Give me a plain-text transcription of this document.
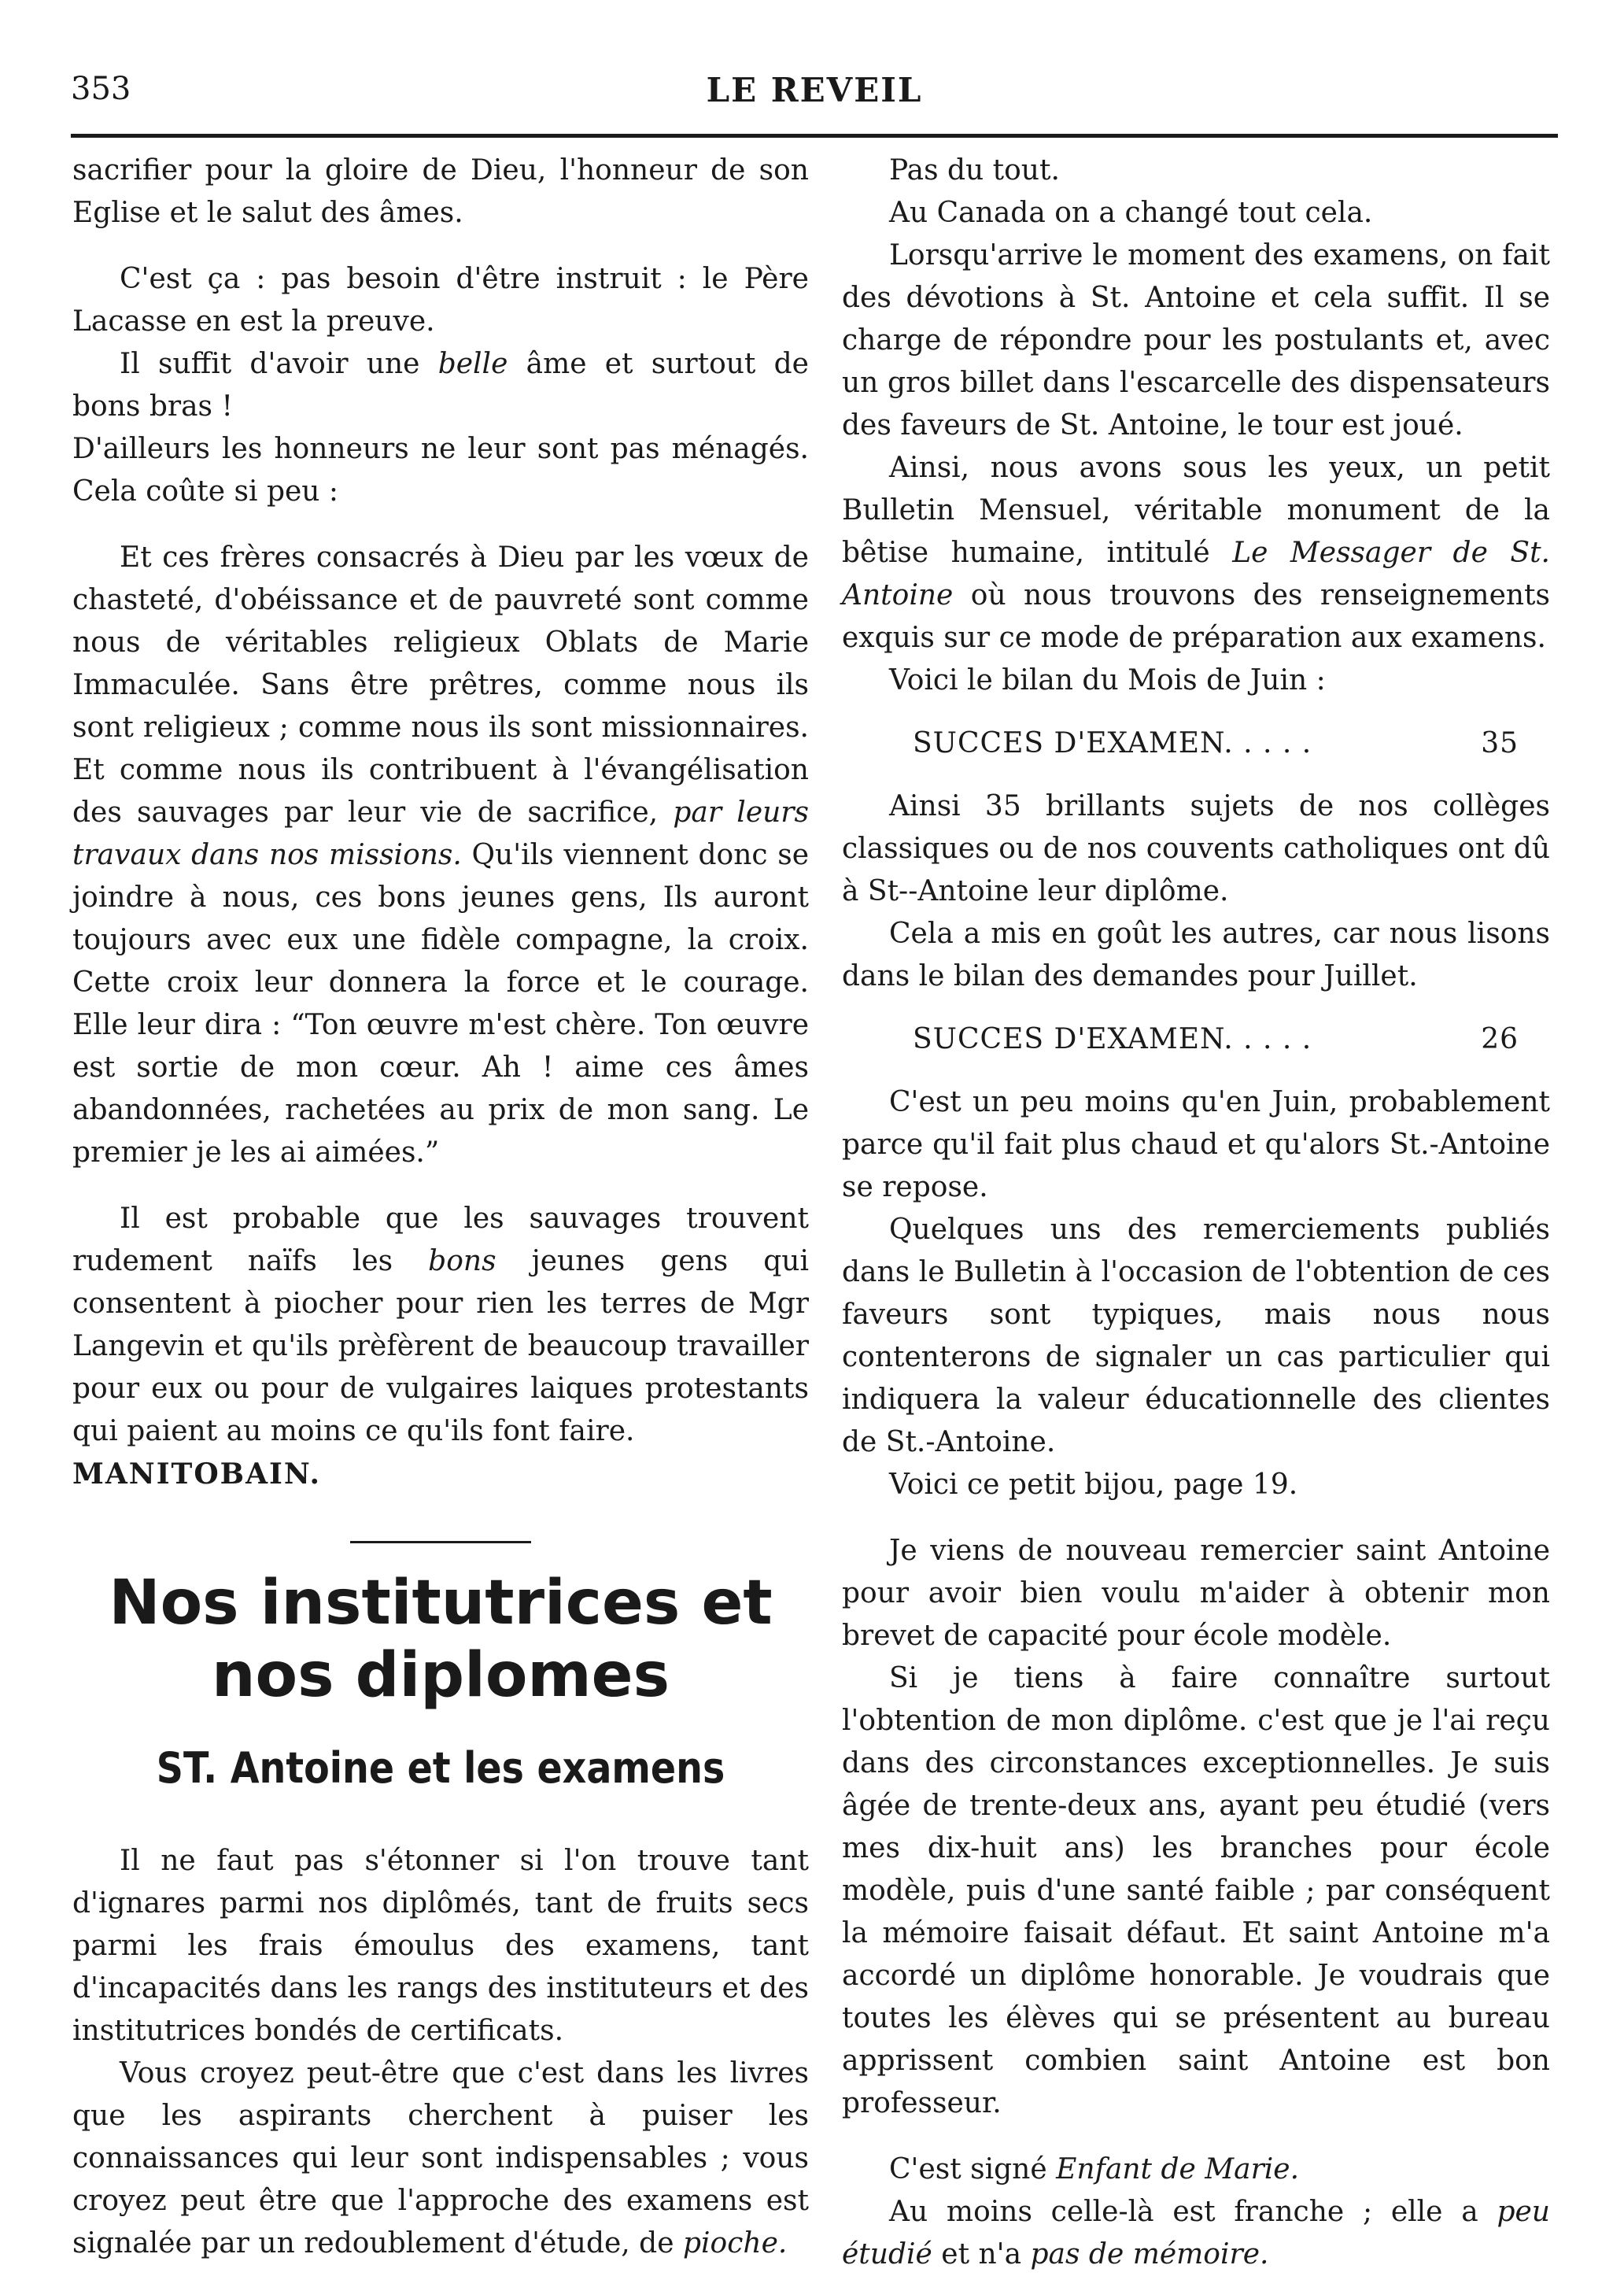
353	LE REVEIL

sacrifier pour la gloire de Dieu, l'honneur de son Eglise et le salut des âmes.

C'est ça : pas besoin d'être instruit : le Père Lacasse en est la preuve.

Il suffit d'avoir une belle âme et surtout de bons bras !

D'ailleurs les honneurs ne leur sont pas ménagés. Cela coûte si peu :

Et ces frères consacrés à Dieu par les vœux de chasteté, d'obéissance et de pauvreté sont comme nous de véritables religieux Oblats de Marie Immaculée. Sans être prêtres, comme nous ils sont religieux ; comme nous ils sont missionnaires. Et comme nous ils contribuent à l'évangélisation des sauvages par leur vie de sacrifice, par leurs travaux dans nos missions. Qu'ils viennent donc se joindre à nous, ces bons jeunes gens, Ils auront toujours avec eux une fidèle compagne, la croix. Cette croix leur donnera la force et le courage. Elle leur dira : “Ton œuvre m'est chère. Ton œuvre est sortie de mon cœur. Ah ! aime ces âmes abandonnées, rachetées au prix de mon sang. Le premier je les ai aimées.”

Il est probable que les sauvages trouvent rudement naïfs les bons jeunes gens qui consentent à piocher pour rien les terres de Mgr Langevin et qu'ils prèfèrent de beaucoup travailler pour eux ou pour de vulgaires laiques protestants qui paient au moins ce qu'ils font faire.

MANITOBAIN.

Nos institutrices et nos diplomes
ST. Antoine et les examens

Il ne faut pas s'étonner si l'on trouve tant d'ignares parmi nos diplômés, tant de fruits secs parmi les frais émoulus des examens, tant d'incapacités dans les rangs des instituteurs et des institutrices bondés de certificats.

Vous croyez peut-être que c'est dans les livres que les aspirants cherchent à puiser les connaissances qui leur sont indispensables ; vous croyez peut être que l'approche des examens est signalée par un redoublement d'étude, de pioche.

Pas du tout.

Au Canada on a changé tout cela.

Lorsqu'arrive le moment des examens, on fait des dévotions à St. Antoine et cela suffit. Il se charge de répondre pour les postulants et, avec un gros billet dans l'escarcelle des dispensateurs des faveurs de St. Antoine, le tour est joué.

Ainsi, nous avons sous les yeux, un petit Bulletin Mensuel, véritable monument de la bêtise humaine, intitulé Le Messager de St. Antoine où nous trouvons des renseignements exquis sur ce mode de préparation aux examens.

Voici le bilan du Mois de Juin :

SUCCES D'EXAMEN. . . . .	35

Ainsi 35 brillants sujets de nos collèges classiques ou de nos couvents catholiques ont dû à St--Antoine leur diplôme.

Cela a mis en goût les autres, car nous lisons dans le bilan des demandes pour Juillet.

SUCCES D'EXAMEN. . . . .	26

C'est un peu moins qu'en Juin, probablement parce qu'il fait plus chaud et qu'alors St.-Antoine se repose.

Quelques uns des remerciements publiés dans le Bulletin à l'occasion de l'obtention de ces faveurs sont typiques, mais nous nous contenterons de signaler un cas particulier qui indiquera la valeur éducationnelle des clientes de St.-Antoine.

Voici ce petit bijou, page 19.

Je viens de nouveau remercier saint Antoine pour avoir bien voulu m'aider à obtenir mon brevet de capacité pour école modèle.

Si je tiens à faire connaître surtout l'obtention de mon diplôme. c'est que je l'ai reçu dans des circonstances exceptionnelles. Je suis âgée de trente-deux ans, ayant peu étudié (vers mes dix-huit ans) les branches pour école modèle, puis d'une santé faible ; par conséquent la mémoire faisait défaut. Et saint Antoine m'a accordé un diplôme honorable. Je voudrais que toutes les élèves qui se présentent au bureau apprissent combien saint Antoine est bon professeur.

C'est signé Enfant de Marie.

Au moins celle-là est franche ; elle a peu étudié et n'a pas de mémoire.
